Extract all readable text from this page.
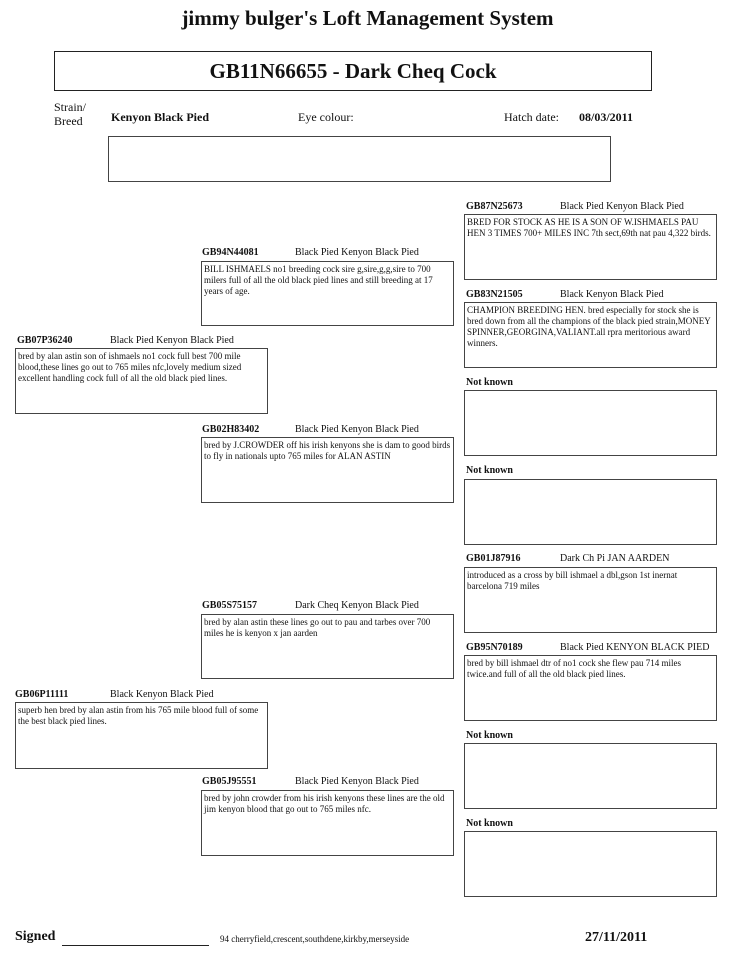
jimmy bulger's Loft Management System
GB11N66655 - Dark Cheq Cock
Strain/
Breed Kenyon Black Pied	Eye colour:	Hatch date: 08/03/2011
GB07P36240	Black Pied Kenyon Black Pied
bred by alan astin son of ishmaels no1 cock full best 700 mile blood,these lines go out to 765 miles nfc,lovely medium sized excellent handling cock full of all the old black pied lines.
GB06P11111	Black Kenyon Black Pied
superb hen bred by alan astin from his 765 mile blood full of some the best black pied lines.
GB94N44081	Black Pied Kenyon Black Pied
BILL ISHMAELS no1 breeding cock sire g,sire,g,g,sire to 700 milers full of all the old black pied lines and still breeding at 17 years of age.
GB02H83402	Black Pied Kenyon Black Pied
bred by J.CROWDER off his irish kenyons she is dam to good birds to fly in nationals upto 765 miles for ALAN ASTIN
GB05S75157	Dark Cheq Kenyon Black Pied
bred by alan astin these lines go out to pau and tarbes over 700 miles he is kenyon x jan aarden
GB05J95551	Black Pied Kenyon Black Pied
bred by john crowder from his irish kenyons these lines are the old jim kenyon blood that go out to 765 miles nfc.
GB87N25673	Black Pied Kenyon Black Pied
BRED FOR STOCK AS HE IS A SON OF W.ISHMAELS PAU HEN 3 TIMES 700+ MILES INC 7th sect,69th nat pau 4,322 birds.
GB83N21505	Black Kenyon Black Pied
CHAMPION BREEDING HEN. bred especially for stock she is bred down from all the champions of the black pied strain,MONEY SPINNER,GEORGINA,VALIANT.all rpra meritorious award winners.
Not known
Not known
GB01J87916	Dark Ch Pi JAN AARDEN
introduced as a cross by bill ishmael a dbl,gson 1st inernat barcelona 719 miles
GB95N70189	Black Pied KENYON BLACK PIED
bred by bill ishmael dtr of no1 cock she flew pau 714 miles twice.and full of all the old black pied lines.
Not known
Not known
Signed	94 cherryfield,crescent,southdene,kirkby,merseyside	27/11/2011
